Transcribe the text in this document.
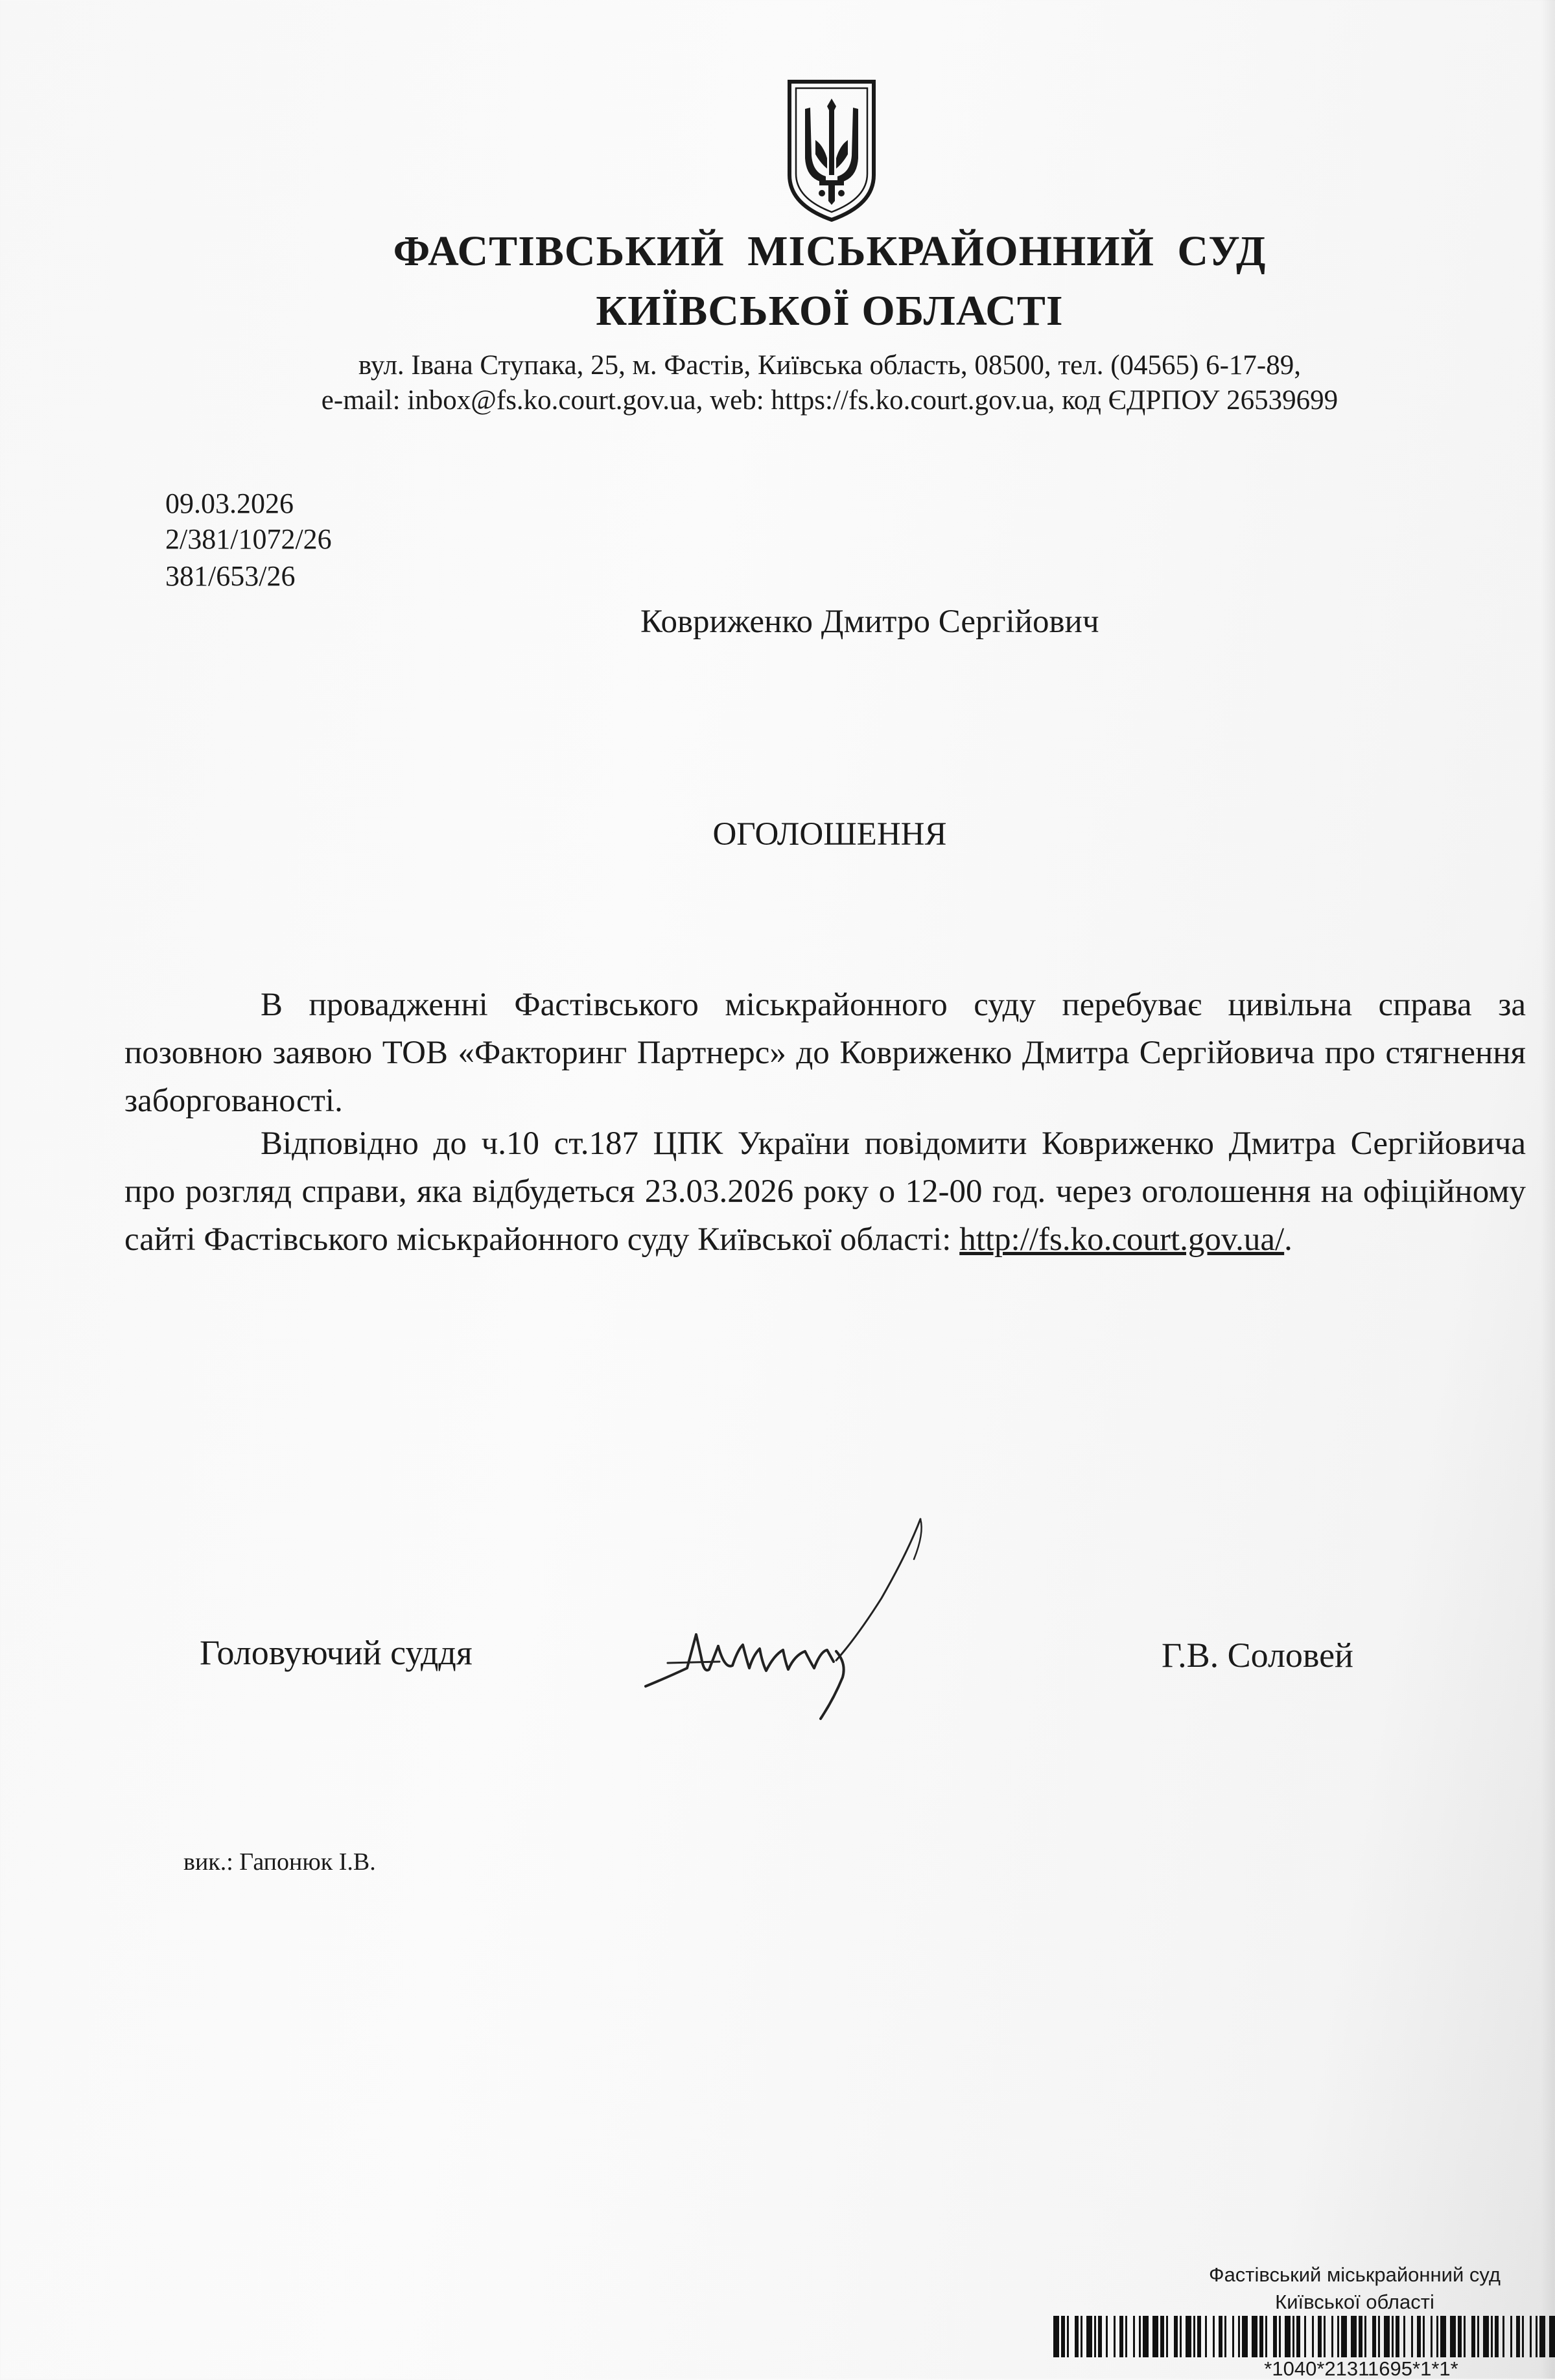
ФАСТІВСЬКИЙ МІСЬКРАЙОННИЙ СУД
КИЇВСЬКОЇ ОБЛАСТІ
вул. Івана Ступака, 25, м. Фастів, Київська область, 08500, тел. (04565) 6-17-89,
e-mail: inbox@fs.ko.court.gov.ua, web: https://fs.ko.court.gov.ua, код ЄДРПОУ 26539699
09.03.2026
2/381/1072/26
381/653/26
Ковриженко Дмитро Сергійович
ОГОЛОШЕННЯ

В провадженні Фастівського міськрайонного суду перебуває цивільна справа за позовною заявою ТОВ «Факторинг Партнерс» до Ковриженко Дмитра Сергійовича про стягнення заборгованості.

Відповідно до ч.10 ст.187 ЦПК України повідомити Ковриженко Дмитра Сергійовича про розгляд справи, яка відбудеться 23.03.2026 року о 12-00 год. через оголошення на офіційному сайті Фастівського міськрайонного суду Київської області: http://fs.ko.court.gov.ua/.

Головуючий суддя	Г.В. Соловей
вик.: Гапонюк І.В.
Фастівський міськрайонний суд
Київської області
*1040*21311695*1*1*
